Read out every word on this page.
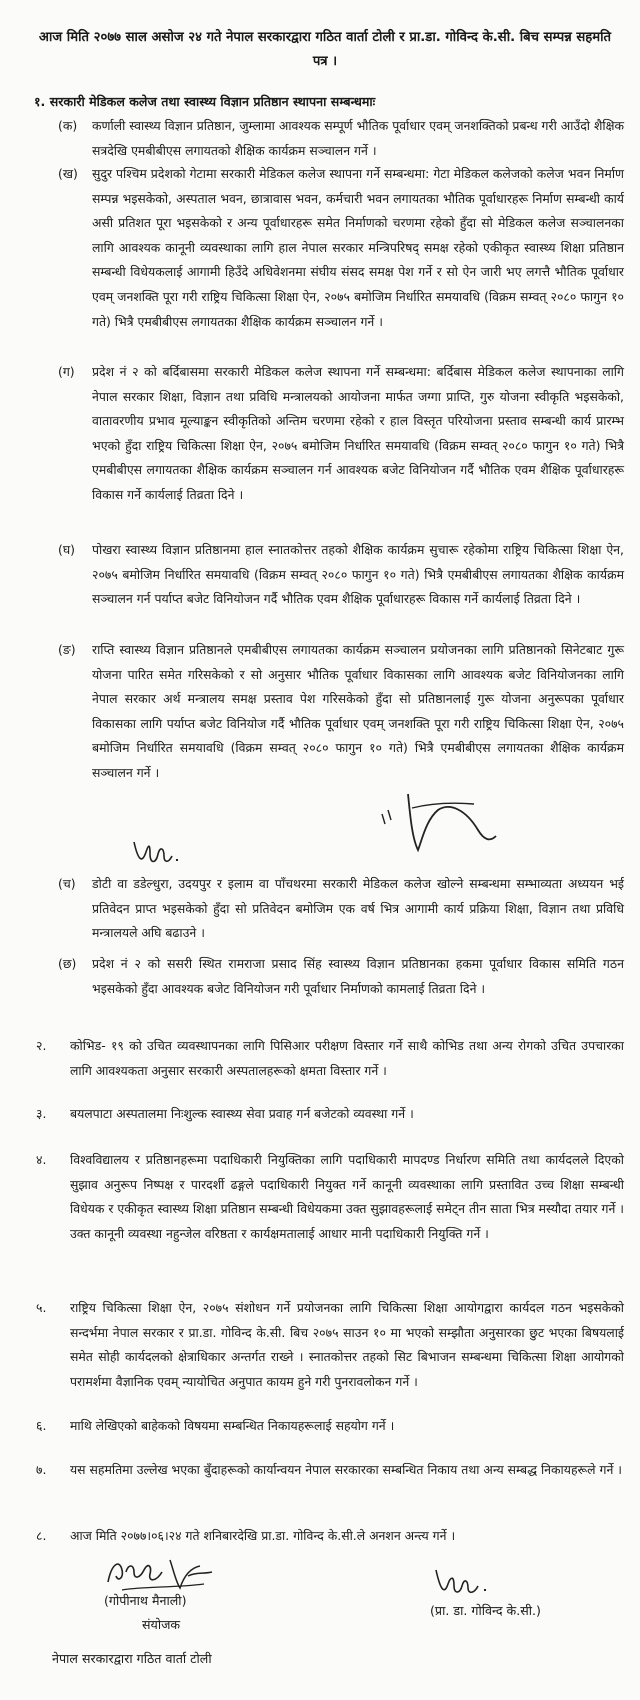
आज मिति २०७७ साल असोज २४ गते नेपाल सरकारद्वारा गठित वार्ता टोली र प्रा.डा. गोविन्द के.सी. बिच सम्पन्न सहमति पत्र ।
१. सरकारी मेडिकल कलेज तथा स्वास्थ्य विज्ञान प्रतिष्ठान स्थापना सम्बन्धमाः
(क)	कर्णाली स्वास्थ्य विज्ञान प्रतिष्ठान, जुम्लामा आवश्यक सम्पूर्ण भौतिक पूर्वाधार एवम् जनशक्तिको प्रबन्ध गरी आउँदो शैक्षिक सत्रदेखि एमबीबीएस लगायतको शैक्षिक कार्यक्रम सञ्चालन गर्ने ।
(ख)	सुदुर पश्चिम प्रदेशको गेटामा सरकारी मेडिकल कलेज स्थापना गर्ने सम्बन्धमा: गेटा मेडिकल कलेजको कलेज भवन निर्माण सम्पन्न भइसकेको, अस्पताल भवन, छात्रावास भवन, कर्मचारी भवन लगायतका भौतिक पूर्वाधारहरू निर्माण सम्बन्धी कार्य असी प्रतिशत पूरा भइसकेको र अन्य पूर्वाधारहरू समेत निर्माणको चरणमा रहेको हुँदा सो मेडिकल कलेज सञ्चालनका लागि आवश्यक कानूनी व्यवस्थाका लागि हाल नेपाल सरकार मन्त्रिपरिषद् समक्ष रहेको एकीकृत स्वास्थ्य शिक्षा प्रतिष्ठान सम्बन्धी विधेयकलाई आगामी हिउँदे अधिवेशनमा संघीय संसद समक्ष पेश गर्ने र सो ऐन जारी भए लगत्तै भौतिक पूर्वाधार एवम् जनशक्ति पूरा गरी राष्ट्रिय चिकित्सा शिक्षा ऐन, २०७५ बमोजिम निर्धारित समयावधि (विक्रम सम्वत् २०८० फागुन १० गते) भित्रै एमबीबीएस लगायतका शैक्षिक कार्यक्रम सञ्चालन गर्ने ।
(ग)	प्रदेश नं २ को बर्दिबासमा सरकारी मेडिकल कलेज स्थापना गर्ने सम्बन्धमा: बर्दिबास मेडिकल कलेज स्थापनाका लागि नेपाल सरकार शिक्षा, विज्ञान तथा प्रविधि मन्त्रालयको आयोजना मार्फत जग्गा प्राप्ति, गुरु योजना स्वीकृति भइसकेको, वातावरणीय प्रभाव मूल्याङ्कन स्वीकृतिको अन्तिम चरणमा रहेको र हाल विस्तृत परियोजना प्रस्ताव सम्बन्धी कार्य प्रारम्भ भएको हुँदा राष्ट्रिय चिकित्सा शिक्षा ऐन, २०७५ बमोजिम निर्धारित समयावधि (विक्रम सम्वत् २०८० फागुन १० गते) भित्रै एमबीबीएस लगायतका शैक्षिक कार्यक्रम सञ्चालन गर्न आवश्यक बजेट विनियोजन गर्दै भौतिक एवम शैक्षिक पूर्वाधारहरू विकास गर्ने कार्यलाई तिव्रता दिने ।
(घ)	पोखरा स्वास्थ्य विज्ञान प्रतिष्ठानमा हाल स्नातकोत्तर तहको शैक्षिक कार्यक्रम सुचारू रहेकोमा राष्ट्रिय चिकित्सा शिक्षा ऐन, २०७५ बमोजिम निर्धारित समयावधि (विक्रम सम्वत् २०८० फागुन १० गते) भित्रै एमबीबीएस लगायतका शैक्षिक कार्यक्रम सञ्चालन गर्न पर्याप्त बजेट विनियोजन गर्दै भौतिक एवम शैक्षिक पूर्वाधारहरू विकास गर्ने कार्यलाई तिव्रता दिने ।
(ङ)	राप्ति स्वास्थ्य विज्ञान प्रतिष्ठानले एमबीबीएस लगायतका कार्यक्रम सञ्चालन प्रयोजनका लागि प्रतिष्ठानको सिनेटबाट गुरू योजना पारित समेत गरिसकेको र सो अनुसार भौतिक पूर्वाधार विकासका लागि आवश्यक बजेट विनियोजनका लागि नेपाल सरकार अर्थ मन्त्रालय समक्ष प्रस्ताव पेश गरिसकेको हुँदा सो प्रतिष्ठानलाई गुरू योजना अनुरूपका पूर्वाधार विकासका लागि पर्याप्त बजेट विनियोज गर्दै भौतिक पूर्वाधार एवम् जनशक्ति पूरा गरी राष्ट्रिय चिकित्सा शिक्षा ऐन, २०७५ बमोजिम निर्धारित समयावधि (विक्रम सम्वत् २०८० फागुन १० गते) भित्रै एमबीबीएस लगायतका शैक्षिक कार्यक्रम सञ्चालन गर्ने ।
(च)	डोटी वा डडेल्धुरा, उदयपुर र इलाम वा पाँचथरमा सरकारी मेडिकल कलेज खोल्ने सम्बन्धमा सम्भाव्यता अध्ययन भई प्रतिवेदन प्राप्त भइसकेको हुँदा सो प्रतिवेदन बमोजिम एक वर्ष भित्र आगामी कार्य प्रक्रिया शिक्षा, विज्ञान तथा प्रविधि मन्त्रालयले अघि बढाउने ।
(छ)	प्रदेश नं २ को ससरी स्थित रामराजा प्रसाद सिंह स्वास्थ्य विज्ञान प्रतिष्ठानका हकमा पूर्वाधार विकास समिति गठन भइसकेको हुँदा आवश्यक बजेट विनियोजन गरी पूर्वाधार निर्माणको कामलाई तिव्रता दिने ।
२.	कोभिड- १९ को उचित व्यवस्थापनका लागि पिसिआर परीक्षण विस्तार गर्ने साथै कोभिड तथा अन्य रोगको उचित उपचारका लागि आवश्यकता अनुसार सरकारी अस्पतालहरूको क्षमता विस्तार गर्ने ।
३.	बयलपाटा अस्पतालमा निःशुल्क स्वास्थ्य सेवा प्रवाह गर्न बजेटको व्यवस्था गर्ने ।
४.	विश्वविद्यालय र प्रतिष्ठानहरूमा पदाधिकारी नियुक्तिका लागि पदाधिकारी मापदण्ड निर्धारण समिति तथा कार्यदलले दिएको सुझाव अनुरूप निष्पक्ष र पारदर्शी ढङ्गले पदाधिकारी नियुक्त गर्ने कानूनी व्यवस्थाका लागि प्रस्तावित उच्च शिक्षा सम्बन्धी विधेयक र एकीकृत स्वास्थ्य शिक्षा प्रतिष्ठान सम्बन्धी विधेयकमा उक्त सुझावहरूलाई समेट्न तीन साता भित्र मस्यौदा तयार गर्ने । उक्त कानूनी व्यवस्था नहुन्जेल वरिष्ठता र कार्यक्षमतालाई आधार मानी पदाधिकारी नियुक्ति गर्ने ।
५.	राष्ट्रिय चिकित्सा शिक्षा ऐन, २०७५ संशोधन गर्ने प्रयोजनका लागि चिकित्सा शिक्षा आयोगद्वारा कार्यदल गठन भइसकेको सन्दर्भमा नेपाल सरकार र प्रा.डा. गोविन्द के.सी. बिच २०७५ साउन १० मा भएको सम्झौता अनुसारका छुट भएका बिषयलाई समेत सोही कार्यदलको क्षेत्राधिकार अन्तर्गत राख्ने । स्नातकोत्तर तहको सिट बिभाजन सम्बन्धमा चिकित्सा शिक्षा आयोगको परामर्शमा वैज्ञानिक एवम् न्यायोचित अनुपात कायम हुने गरी पुनरावलोकन गर्ने ।
६.	माथि लेखिएको बाहेकको विषयमा सम्बन्धित निकायहरूलाई सहयोग गर्ने ।
७.	यस सहमतिमा उल्लेख भएका बुँदाहरूको कार्यान्वयन नेपाल सरकारका सम्बन्धित निकाय तथा अन्य सम्बद्ध निकायहरूले गर्ने ।
८.	आज मिति २०७७।०६।२४ गते शनिबारदेखि प्रा.डा. गोविन्द के.सी.ले अनशन अन्त्य गर्ने ।
(गोपीनाथ मैनाली)
संयोजक
नेपाल सरकारद्वारा गठित वार्ता टोली
(प्रा. डा. गोविन्द के.सी.)
